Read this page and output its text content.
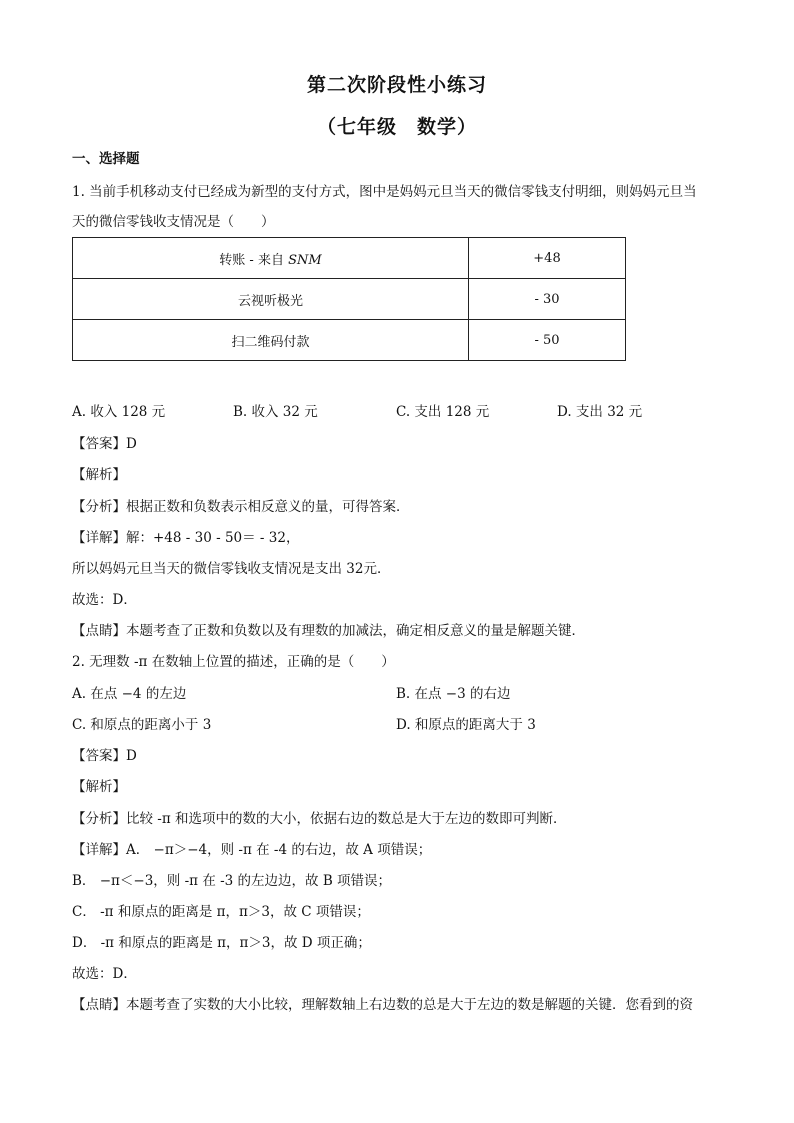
第二次阶段性小练习
（七年级　数学）
一、选择题
1. 当前手机移动支付已经成为新型的支付方式，图中是妈妈元旦当天的微信零钱支付明细，则妈妈元旦当
天的微信零钱收支情况是（　　）
转账 - 来自 SNM	+48
云视听极光	- 30
扫二维码付款	- 50
A. 收入 128 元	B. 收入 32 元	C. 支出 128 元	D. 支出 32 元
【答案】D
【解析】
【分析】根据正数和负数表示相反意义的量，可得答案．
【详解】解：+48 - 30 - 50＝ - 32，
所以妈妈元旦当天的微信零钱收支情况是支出 32元．
故选：D．
【点睛】本题考查了正数和负数以及有理数的加减法，确定相反意义的量是解题关键．
2. 无理数 -π 在数轴上位置的描述，正确的是（　　）
A. 在点 −4 的左边	B. 在点 −3 的右边
C. 和原点的距离小于 3	D. 和原点的距离大于 3
【答案】D
【解析】
【分析】比较 -π 和选项中的数的大小，依据右边的数总是大于左边的数即可判断．
【详解】A． −π＞−4，则 -π 在 -4 的右边，故 A 项错误；
B． −π＜−3，则 -π 在 -3 的左边边，故 B 项错误；
C． -π 和原点的距离是 π，π＞3，故 C 项错误；
D． -π 和原点的距离是 π，π＞3，故 D 项正确；
故选：D．
【点睛】本题考查了实数的大小比较，理解数轴上右边数的总是大于左边的数是解题的关键．您看到的资
